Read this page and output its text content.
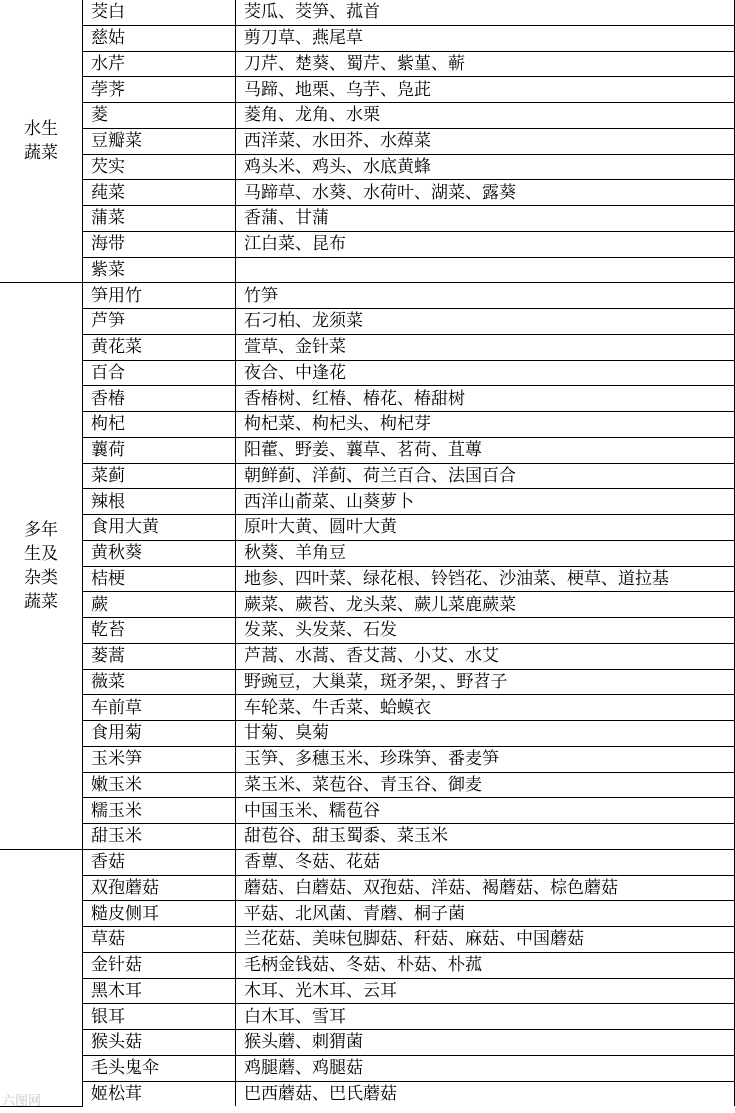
水生蔬菜	茭白	茭瓜、茭笋、菰首
	慈姑	剪刀草、燕尾草
	水芹	刀芹、楚葵、蜀芹、紫堇、蕲
	荸荠	马蹄、地栗、乌芋、凫茈
	菱	菱角、龙角、水栗
	豆瓣菜	西洋菜、水田芥、水蔊菜
	芡实	鸡头米、鸡头、水底黄蜂
	莼菜	马蹄草、水葵、水荷叶、湖菜、露葵
	蒲菜	香蒲、甘蒲
	海带	江白菜、昆布
	紫菜	
多年生及杂类蔬菜	笋用竹	竹笋
	芦笋	石刁柏、龙须菜
	黄花菜	萱草、金针菜
	百合	夜合、中逢花
	香椿	香椿树、红椿、椿花、椿甜树
	枸杞	枸杞菜、枸杞头、枸杞芽
	蘘荷	阳藿、野姜、蘘草、茗荷、苴蓴
	菜蓟	朝鲜蓟、洋蓟、荷兰百合、法国百合
	辣根	西洋山萮菜、山葵萝卜
	食用大黄	原叶大黄、圆叶大黄
	黄秋葵	秋葵、羊角豆
	桔梗	地参、四叶菜、绿花根、铃铛花、沙油菜、梗草、道拉基
	蕨	蕨菜、蕨苔、龙头菜、蕨儿菜鹿蕨菜
	乾苔	发菜、头发菜、石发
	蒌蒿	芦蒿、水蒿、香艾蒿、小艾、水艾
	薇菜	野豌豆，大巢菜，斑矛架，、野苕子
	车前草	车轮菜、牛舌菜、蛤蟆衣
	食用菊	甘菊、臭菊
	玉米笋	玉笋、多穗玉米、珍珠笋、番麦笋
	嫩玉米	菜玉米、菜苞谷、青玉谷、御麦
	糯玉米	中国玉米、糯苞谷
	甜玉米	甜苞谷、甜玉蜀黍、菜玉米
	香菇	香蕈、冬菇、花菇
	双孢蘑菇	蘑菇、白蘑菇、双孢菇、洋菇、褐蘑菇、棕色蘑菇
	糙皮侧耳	平菇、北风菌、青蘑、桐子菌
	草菇	兰花菇、美味包脚菇、秆菇、麻菇、中国蘑菇
	金针菇	毛柄金钱菇、冬菇、朴菇、朴菰
	黑木耳	木耳、光木耳、云耳
	银耳	白木耳、雪耳
	猴头菇	猴头蘑、刺猬菌
	毛头鬼伞	鸡腿蘑、鸡腿菇
	姬松茸	巴西蘑菇、巴氏蘑菇
六图网
